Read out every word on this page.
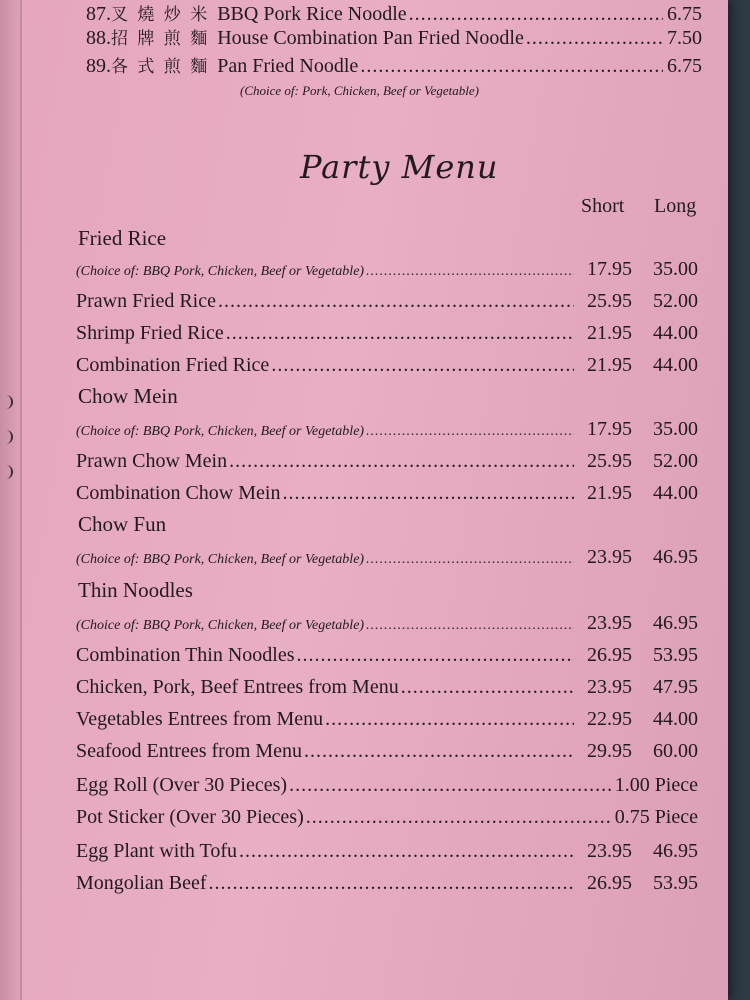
87. 叉 燒 炒 米 BBQ Pork Rice Noodle .....	6.75
88. 招 牌 煎 麵 House Combination Pan Fried Noodle .....	7.50
89. 各 式 煎 麵 Pan Fried Noodle .....	6.75
(Choice of: Pork, Chicken, Beef or Vegetable)
Party Menu
Short Long
Fried Rice
(Choice of: BBQ Pork, Chicken, Beef or Vegetable) .....	17.95	35.00
Prawn Fried Rice .....	25.95	52.00
Shrimp Fried Rice .....	21.95	44.00
Combination Fried Rice .....	21.95	44.00
Chow Mein
(Choice of: BBQ Pork, Chicken, Beef or Vegetable) .....	17.95	35.00
Prawn Chow Mein .....	25.95	52.00
Combination Chow Mein .....	21.95	44.00
Chow Fun
(Choice of: BBQ Pork, Chicken, Beef or Vegetable) .....	23.95	46.95
Thin Noodles
(Choice of: BBQ Pork, Chicken, Beef or Vegetable) .....	23.95	46.95
Combination Thin Noodles .....	26.95	53.95
Chicken, Pork, Beef Entrees from Menu .....	23.95	47.95
Vegetables Entrees from Menu .....	22.95	44.00
Seafood Entrees from Menu .....	29.95	60.00
Egg Roll (Over 30 Pieces) .....	1.00 Piece
Pot Sticker (Over 30 Pieces) .....	0.75 Piece
Egg Plant with Tofu .....	23.95	46.95
Mongolian Beef .....	26.95	53.95
